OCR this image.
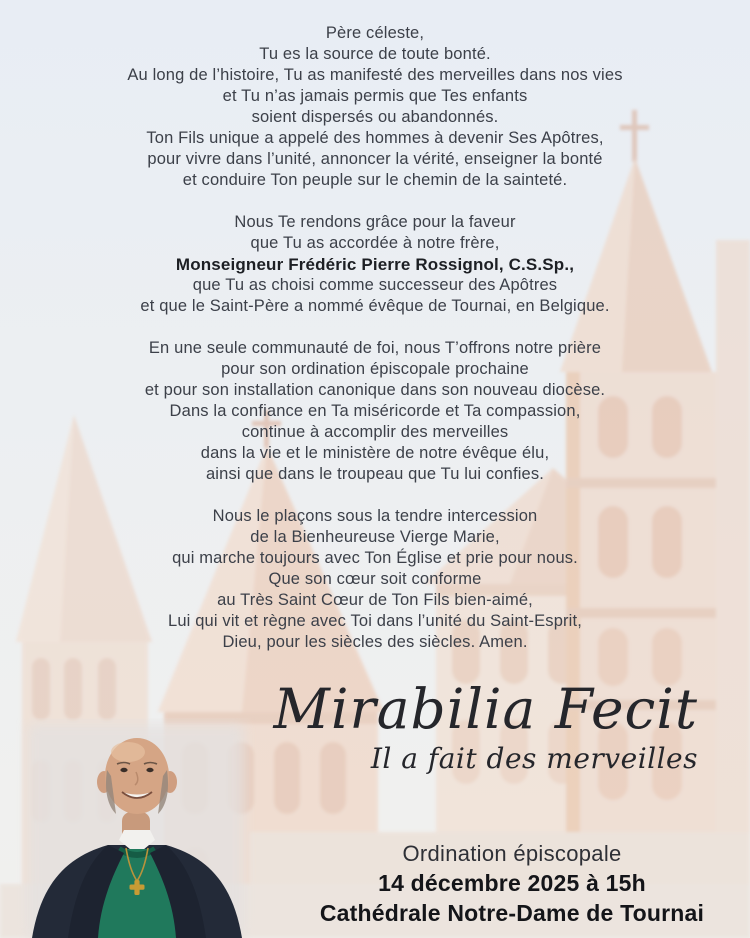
Père céleste,
Tu es la source de toute bonté.
Au long de l’histoire, Tu as manifesté des merveilles dans nos vies
et Tu n’as jamais permis que Tes enfants
soient dispersés ou abandonnés.
Ton Fils unique a appelé des hommes à devenir Ses Apôtres,
pour vivre dans l’unité, annoncer la vérité, enseigner la bonté
et conduire Ton peuple sur le chemin de la sainteté.
Nous Te rendons grâce pour la faveur
que Tu as accordée à notre frère,
Monseigneur Frédéric Pierre Rossignol, C.S.Sp.,
que Tu as choisi comme successeur des Apôtres
et que le Saint-Père a nommé évêque de Tournai, en Belgique.
En une seule communauté de foi, nous T’offrons notre prière
pour son ordination épiscopale prochaine
et pour son installation canonique dans son nouveau diocèse.
Dans la confiance en Ta miséricorde et Ta compassion,
continue à accomplir des merveilles
dans la vie et le ministère de notre évêque élu,
ainsi que dans le troupeau que Tu lui confies.
Nous le plaçons sous la tendre intercession
de la Bienheureuse Vierge Marie,
qui marche toujours avec Ton Église et prie pour nous.
Que son cœur soit conforme
au Très Saint Cœur de Ton Fils bien-aimé,
Lui qui vit et règne avec Toi dans l’unité du Saint-Esprit,
Dieu, pour les siècles des siècles. Amen.
Mirabilia Fecit
Il a fait des merveilles
Ordination épiscopale
14 décembre 2025 à 15h
Cathédrale Notre-Dame de Tournai
